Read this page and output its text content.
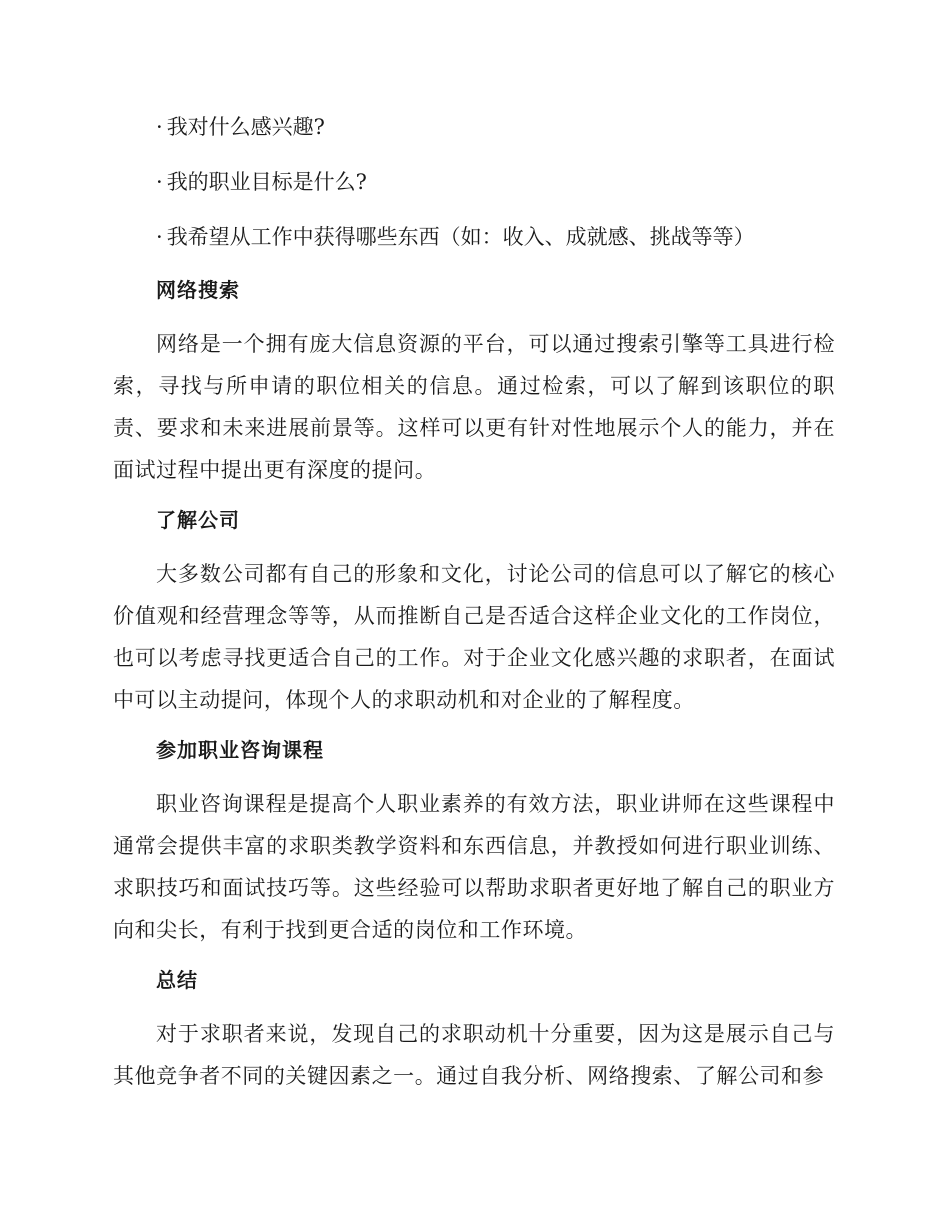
· 我对什么感兴趣?
· 我的职业目标是什么?
· 我希望从工作中获得哪些东西（如：收入、成就感、挑战等等）
网络搜索

网络是一个拥有庞大信息资源的平台，可以通过搜索引擎等工具进行检索，寻找与所申请的职位相关的信息。通过检索，可以了解到该职位的职责、要求和未来进展前景等。这样可以更有针对性地展示个人的能力，并在面试过程中提出更有深度的提问。

了解公司

大多数公司都有自己的形象和文化，讨论公司的信息可以了解它的核心价值观和经营理念等等，从而推断自己是否适合这样企业文化的工作岗位，也可以考虑寻找更适合自己的工作。对于企业文化感兴趣的求职者，在面试中可以主动提问，体现个人的求职动机和对企业的了解程度。

参加职业咨询课程

职业咨询课程是提高个人职业素养的有效方法，职业讲师在这些课程中通常会提供丰富的求职类教学资料和东西信息，并教授如何进行职业训练、求职技巧和面试技巧等。这些经验可以帮助求职者更好地了解自己的职业方向和尖长，有利于找到更合适的岗位和工作环境。

总结

对于求职者来说，发现自己的求职动机十分重要，因为这是展示自己与其他竞争者不同的关键因素之一。通过自我分析、网络搜索、了解公司和参
